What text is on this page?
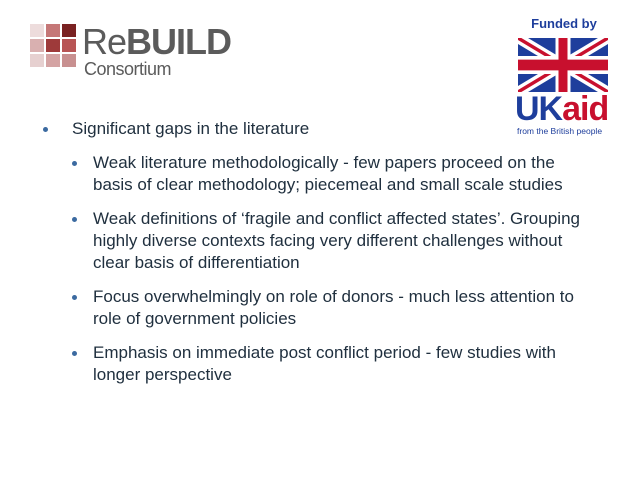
ReBUILD
Consortium
Funded by
UKaid
from the British people
Significant gaps in the literature
Weak literature methodologically - few papers proceed on the basis of clear methodology; piecemeal and small scale studies
Weak definitions of ‘fragile and conflict affected states’. Grouping highly diverse contexts facing very different challenges without clear basis of differentiation
Focus overwhelmingly on role of donors - much less attention to role of government policies
Emphasis on immediate post conflict period - few studies with longer perspective
